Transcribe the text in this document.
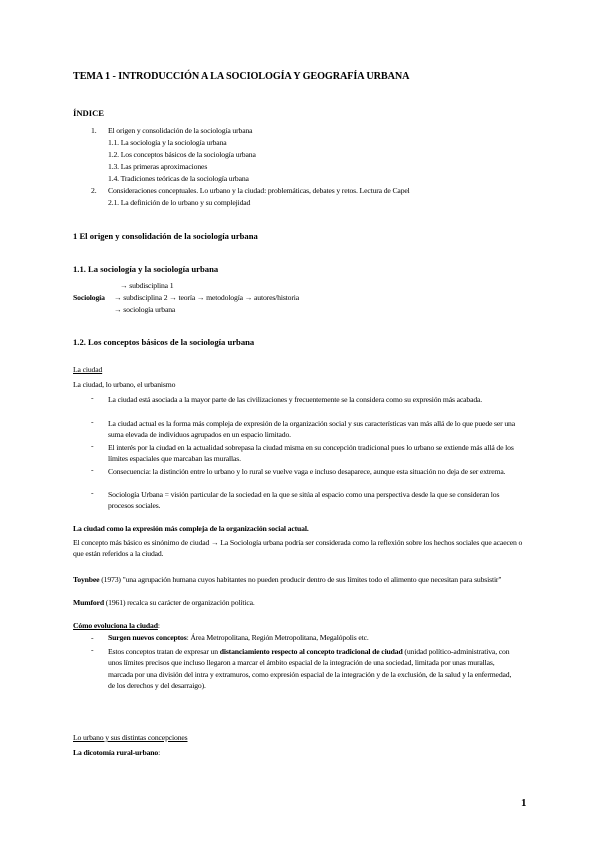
TEMA 1 - INTRODUCCIÓN A LA SOCIOLOGÍA Y GEOGRAFÍA URBANA
ÍNDICE
1. El origen y consolidación de la sociología urbana
1.1. La sociología y la sociología urbana
1.2. Los conceptos básicos de la sociología urbana
1.3. Las primeras aproximaciones
1.4. Tradiciones teóricas de la sociología urbana
2. Consideraciones conceptuales. Lo urbano y la ciudad: problemáticas, debates y retos. Lectura de Capel
2.1. La definición de lo urbano y su complejidad
1 El origen y consolidación de la sociología urbana
1.1. La sociología y la sociología urbana
→ subdisciplina 1
Sociología → subdisciplina 2 → teoría → metodología → autores/historia
→ sociología urbana
1.2. Los conceptos básicos de la sociología urbana
La ciudad
La ciudad, lo urbano, el urbanismo
- La ciudad está asociada a la mayor parte de las civilizaciones y frecuentemente se la considera como su expresión más acabada.
- La ciudad actual es la forma más compleja de expresión de la organización social y sus características van más allá de lo que puede ser una suma elevada de individuos agrupados en un espacio limitado.
- El interés por la ciudad en la actualidad sobrepasa la ciudad misma en su concepción tradicional pues lo urbano se extiende más allá de los límites espaciales que marcaban las murallas.
- Consecuencia: la distinción entre lo urbano y lo rural se vuelve vaga e incluso desaparece, aunque esta situación no deja de ser extrema.
- Sociología Urbana = visión particular de la sociedad en la que se sitúa al espacio como una perspectiva desde la que se consideran los procesos sociales.
La ciudad como la expresión más compleja de la organización social actual.
El concepto más básico es sinónimo de ciudad → La Sociología urbana podría ser considerada como la reflexión sobre los hechos sociales que acaecen o que están referidos a la ciudad.
Toynbee (1973) "una agrupación humana cuyos habitantes no pueden producir dentro de sus límites todo el alimento que necesitan para subsistir"
Mumford (1961) recalca su carácter de organización política.
Cómo evoluciona la ciudad:
- Surgen nuevos conceptos: Área Metropolitana, Región Metropolitana, Megalópolis etc.
- Estos conceptos tratan de expresar un distanciamiento respecto al concepto tradicional de ciudad (unidad político-administrativa, con unos límites precisos que incluso llegaron a marcar el ámbito espacial de la integración de una sociedad, limitada por unas murallas, marcada por una división del intra y extramuros, como expresión espacial de la integración y de la exclusión, de la salud y la enfermedad, de los derechos y del desarraigo).
Lo urbano y sus distintas concepciones
La dicotomía rural-urbano:
1
